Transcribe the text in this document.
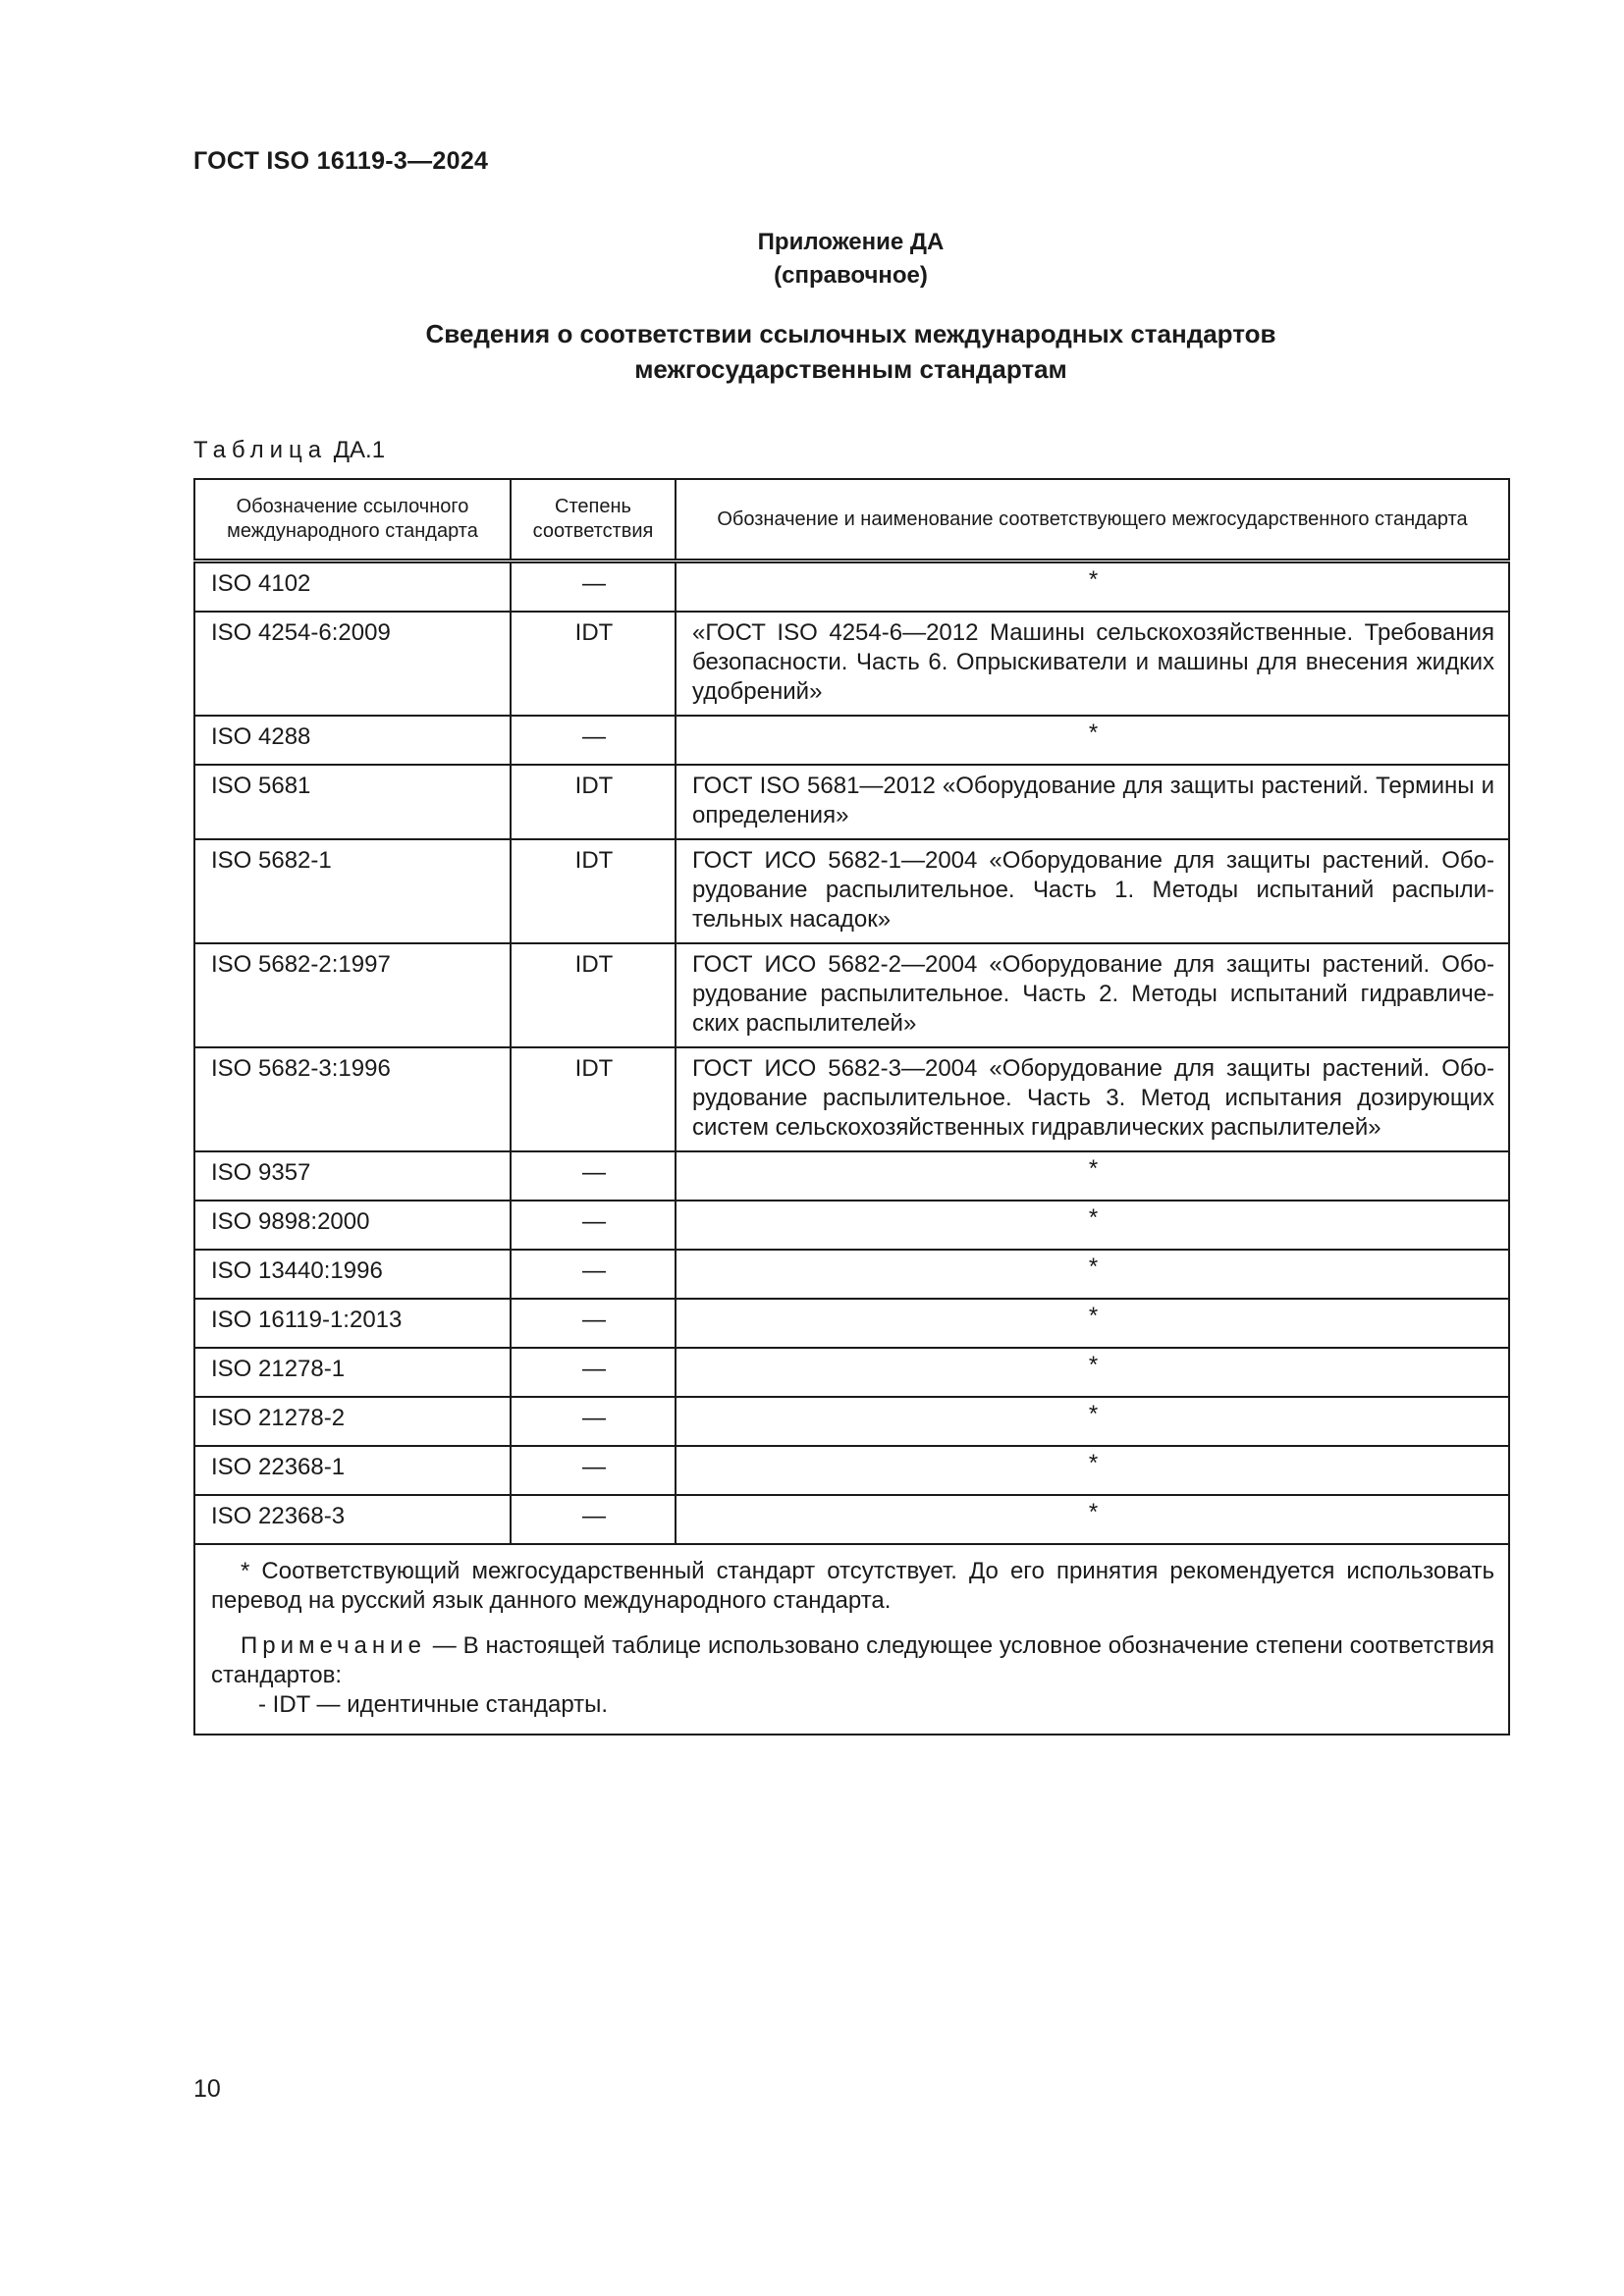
ГОСТ ISO 16119-3—2024
Приложение ДА
(справочное)
Сведения о соответствии ссылочных международных стандартов
межгосударственным стандартам
Таблица ДА.1
Обозначение ссылочного международного стандарта	Степень соответствия	Обозначение и наименование соответствующего межгосударственного стандарта
ISO 4102	—	*
ISO 4254-6:2009	IDT	«ГОСТ ISO 4254-6—2012 Машины сельскохозяйственные. Требования безопасности. Часть 6. Опрыскиватели и машины для внесения жидких удобрений»
ISO 4288	—	*
ISO 5681	IDT	ГОСТ ISO 5681—2012 «Оборудование для защиты растений. Термины и определения»
ISO 5682-1	IDT	ГОСТ ИСО 5682-1—2004 «Оборудование для защиты растений. Оборудование распылительное. Часть 1. Методы испытаний распылительных насадок»
ISO 5682-2:1997	IDT	ГОСТ ИСО 5682-2—2004 «Оборудование для защиты растений. Оборудование распылительное. Часть 2. Методы испытаний гидравлических распылителей»
ISO 5682-3:1996	IDT	ГОСТ ИСО 5682-3—2004 «Оборудование для защиты растений. Оборудование распылительное. Часть 3. Метод испытания дозирующих систем сельскохозяйственных гидравлических распылителей»
ISO 9357	—	*
ISO 9898:2000	—	*
ISO 13440:1996	—	*
ISO 16119-1:2013	—	*
ISO 21278-1	—	*
ISO 21278-2	—	*
ISO 22368-1	—	*
ISO 22368-3	—	*

* Соответствующий межгосударственный стандарт отсутствует. До его принятия рекомендуется использовать перевод на русский язык данного международного стандарта.
Примечание — В настоящей таблице использовано следующее условное обозначение степени соответствия стандартов:
- IDT — идентичные стандарты.		
10
